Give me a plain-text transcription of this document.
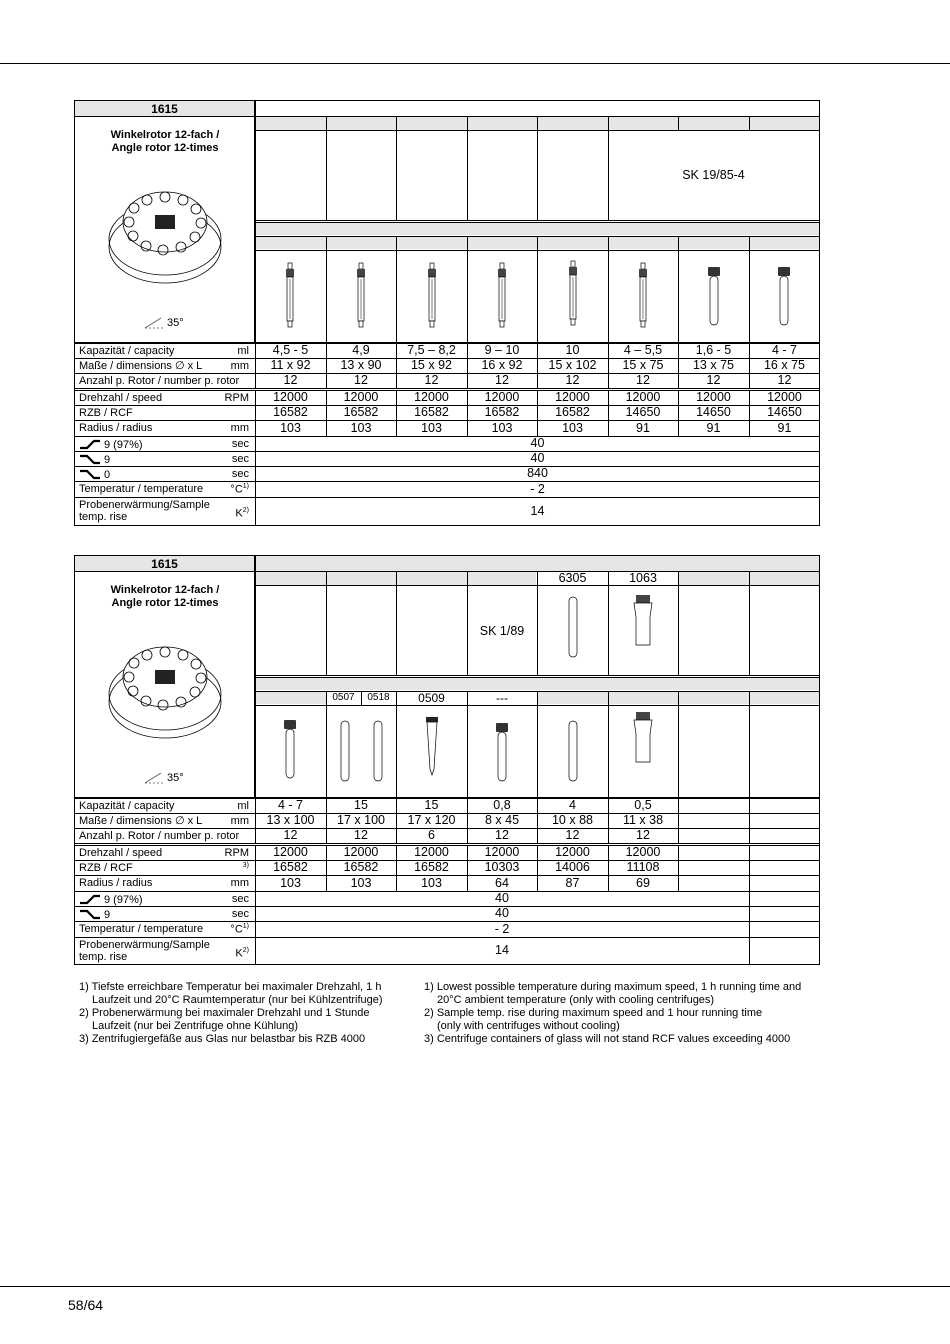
58/64
1615
Winkelrotor 12-fach /
Angle rotor 12-times
35°
SK 19/85-4
Kapazität / capacity	ml	4,5 - 5	4,9	7,5 – 8,2	9 – 10	10	4 – 5,5	1,6 - 5	4 - 7
Maße / dimensions ∅ x L	mm	11 x 92	13 x 90	15 x 92	16 x 92	15 x 102	15 x 75	13 x 75	16 x 75
Anzahl p. Rotor / number p. rotor	12	12	12	12	12	12	12	12
Drehzahl / speed	RPM	12000	12000	12000	12000	12000	12000	12000	12000
RZB / RCF	16582	16582	16582	16582	16582	14650	14650	14650
Radius / radius	mm	103	103	103	103	103	91	91	91
9 (97%)	sec	40
9	sec	40
0	sec	840
Temperatur / temperature $^\circ C^{1)}$	- 2
Probenerwärmung/Sample
temp. rise	$K^{2)}$	14
1615
Winkelrotor 12-fach /
Angle rotor 12-times
35°
SK 1/89
6305	1063
0507	0518	0509	---
Kapazität / capacity	ml	4 - 7	15	15	0,8	4	0,5
Maße / dimensions ∅ x L	mm	13 x 100	17 x 100	17 x 120	8 x 45	10 x 88	11 x 38
Anzahl p. Rotor / number p. rotor	12	12	6	12	12	12
Drehzahl / speed	RPM	12000	12000	12000	12000	12000	12000
RZB / RCF	$^{3)}$	16582	16582	16582	10303	14006	11108
Radius / radius	mm	103	103	103	64	87	69
9 (97%)	sec	40
9	sec	40
Temperatur / temperature $^\circ C^{1)}$	- 2
Probenerwärmung/Sample
temp. rise	$K^{2)}$	14
1) Tiefste erreichbare Temperatur bei maximaler Drehzahl, 1 h
Laufzeit und 20°C Raumtemperatur (nur bei Kühlzentrifuge)
2) Probenerwärmung bei maximaler Drehzahl und 1 Stunde
Laufzeit (nur bei Zentrifuge ohne Kühlung)
3) Zentrifugiergefäße aus Glas nur belastbar bis RZB 4000
1) Lowest possible temperature during maximum speed, 1 h running time and
20°C ambient temperature (only with cooling centrifuges)
2) Sample temp. rise during maximum speed and 1 hour running time
(only with centrifuges without cooling)
3) Centrifuge containers of glass will not stand RCF values exceeding 4000
